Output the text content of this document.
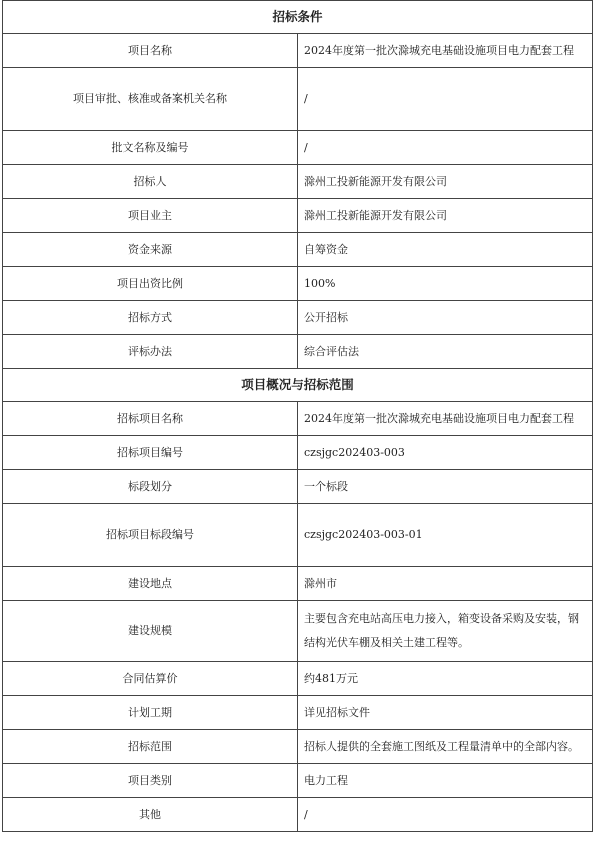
招标条件	
项目名称	2024年度第一批次滁城充电基础设施项目电力配套工程
项目审批、核准或备案机关名称	/
批文名称及编号	/
招标人	滁州工投新能源开发有限公司
项目业主	滁州工投新能源开发有限公司
资金来源	自筹资金
项目出资比例	100%
招标方式	公开招标
评标办法	综合评估法
项目概况与招标范围	
招标项目名称	2024年度第一批次滁城充电基础设施项目电力配套工程
招标项目编号	czsjgc202403-003
标段划分	一个标段
招标项目标段编号	czsjgc202403-003-01
建设地点	滁州市
建设规模	主要包含充电站高压电力接入，箱变设备采购及安装，钢结构光伏车棚及相关土建工程等。
合同估算价	约481万元
计划工期	详见招标文件
招标范围	招标人提供的全套施工图纸及工程量清单中的全部内容。
项目类别	电力工程
其他	/
